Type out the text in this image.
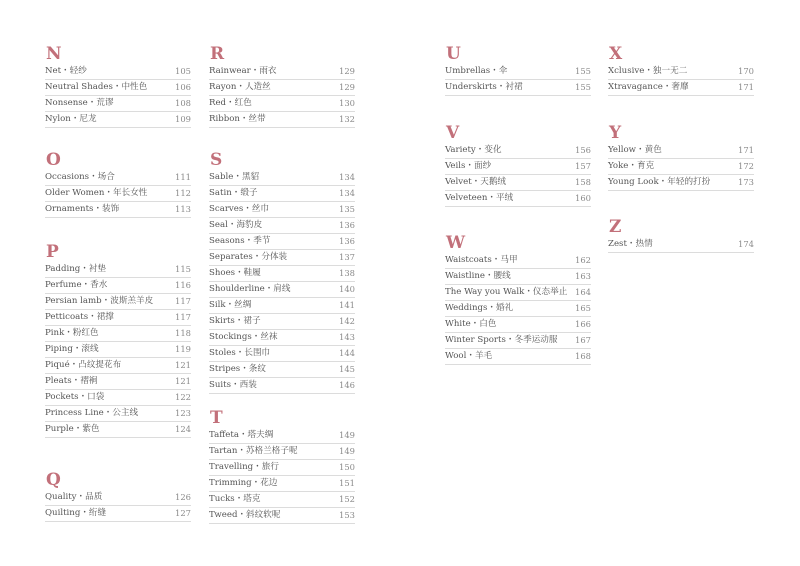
N
Net・轻纱	105
Neutral Shades・中性色	106
Nonsense・荒谬	108
Nylon・尼龙	109
O
Occasions・场合	111
Older Women・年长女性	112
Ornaments・装饰	113
P
Padding・衬垫	115
Perfume・香水	116
Persian lamb・波斯羔羊皮	117
Petticoats・裙撑	117
Pink・粉红色	118
Piping・滚线	119
Piqué・凸纹提花布	121
Pleats・褶裥	121
Pockets・口袋	122
Princess Line・公主线	123
Purple・紫色	124
Q
Quality・品质	126
Quilting・绗缝	127
R
Rainwear・雨衣	129
Rayon・人造丝	129
Red・红色	130
Ribbon・丝带	132
S
Sable・黑貂	134
Satin・缎子	134
Scarves・丝巾	135
Seal・海豹皮	136
Seasons・季节	136
Separates・分体装	137
Shoes・鞋履	138
Shoulderline・肩线	140
Silk・丝绸	141
Skirts・裙子	142
Stockings・丝袜	143
Stoles・长围巾	144
Stripes・条纹	145
Suits・西装	146
T
Taffeta・塔夫绸	149
Tartan・苏格兰格子呢	149
Travelling・旅行	150
Trimming・花边	151
Tucks・塔克	152
Tweed・斜纹软呢	153
U
Umbrellas・伞	155
Underskirts・衬裙	155
V
Variety・变化	156
Veils・面纱	157
Velvet・天鹅绒	158
Velveteen・平绒	160
W
Waistcoats・马甲	162
Waistline・腰线	163
The Way you Walk・仪态举止 164
Weddings・婚礼	165
White・白色	166
Winter Sports・冬季运动服 167
Wool・羊毛	168
X
Xclusive・独一无二	170
Xtravagance・奢靡	171
Y
Yellow・黄色	171
Yoke・育克	172
Young Look・年轻的打扮	173
Z
Zest・热情	174
